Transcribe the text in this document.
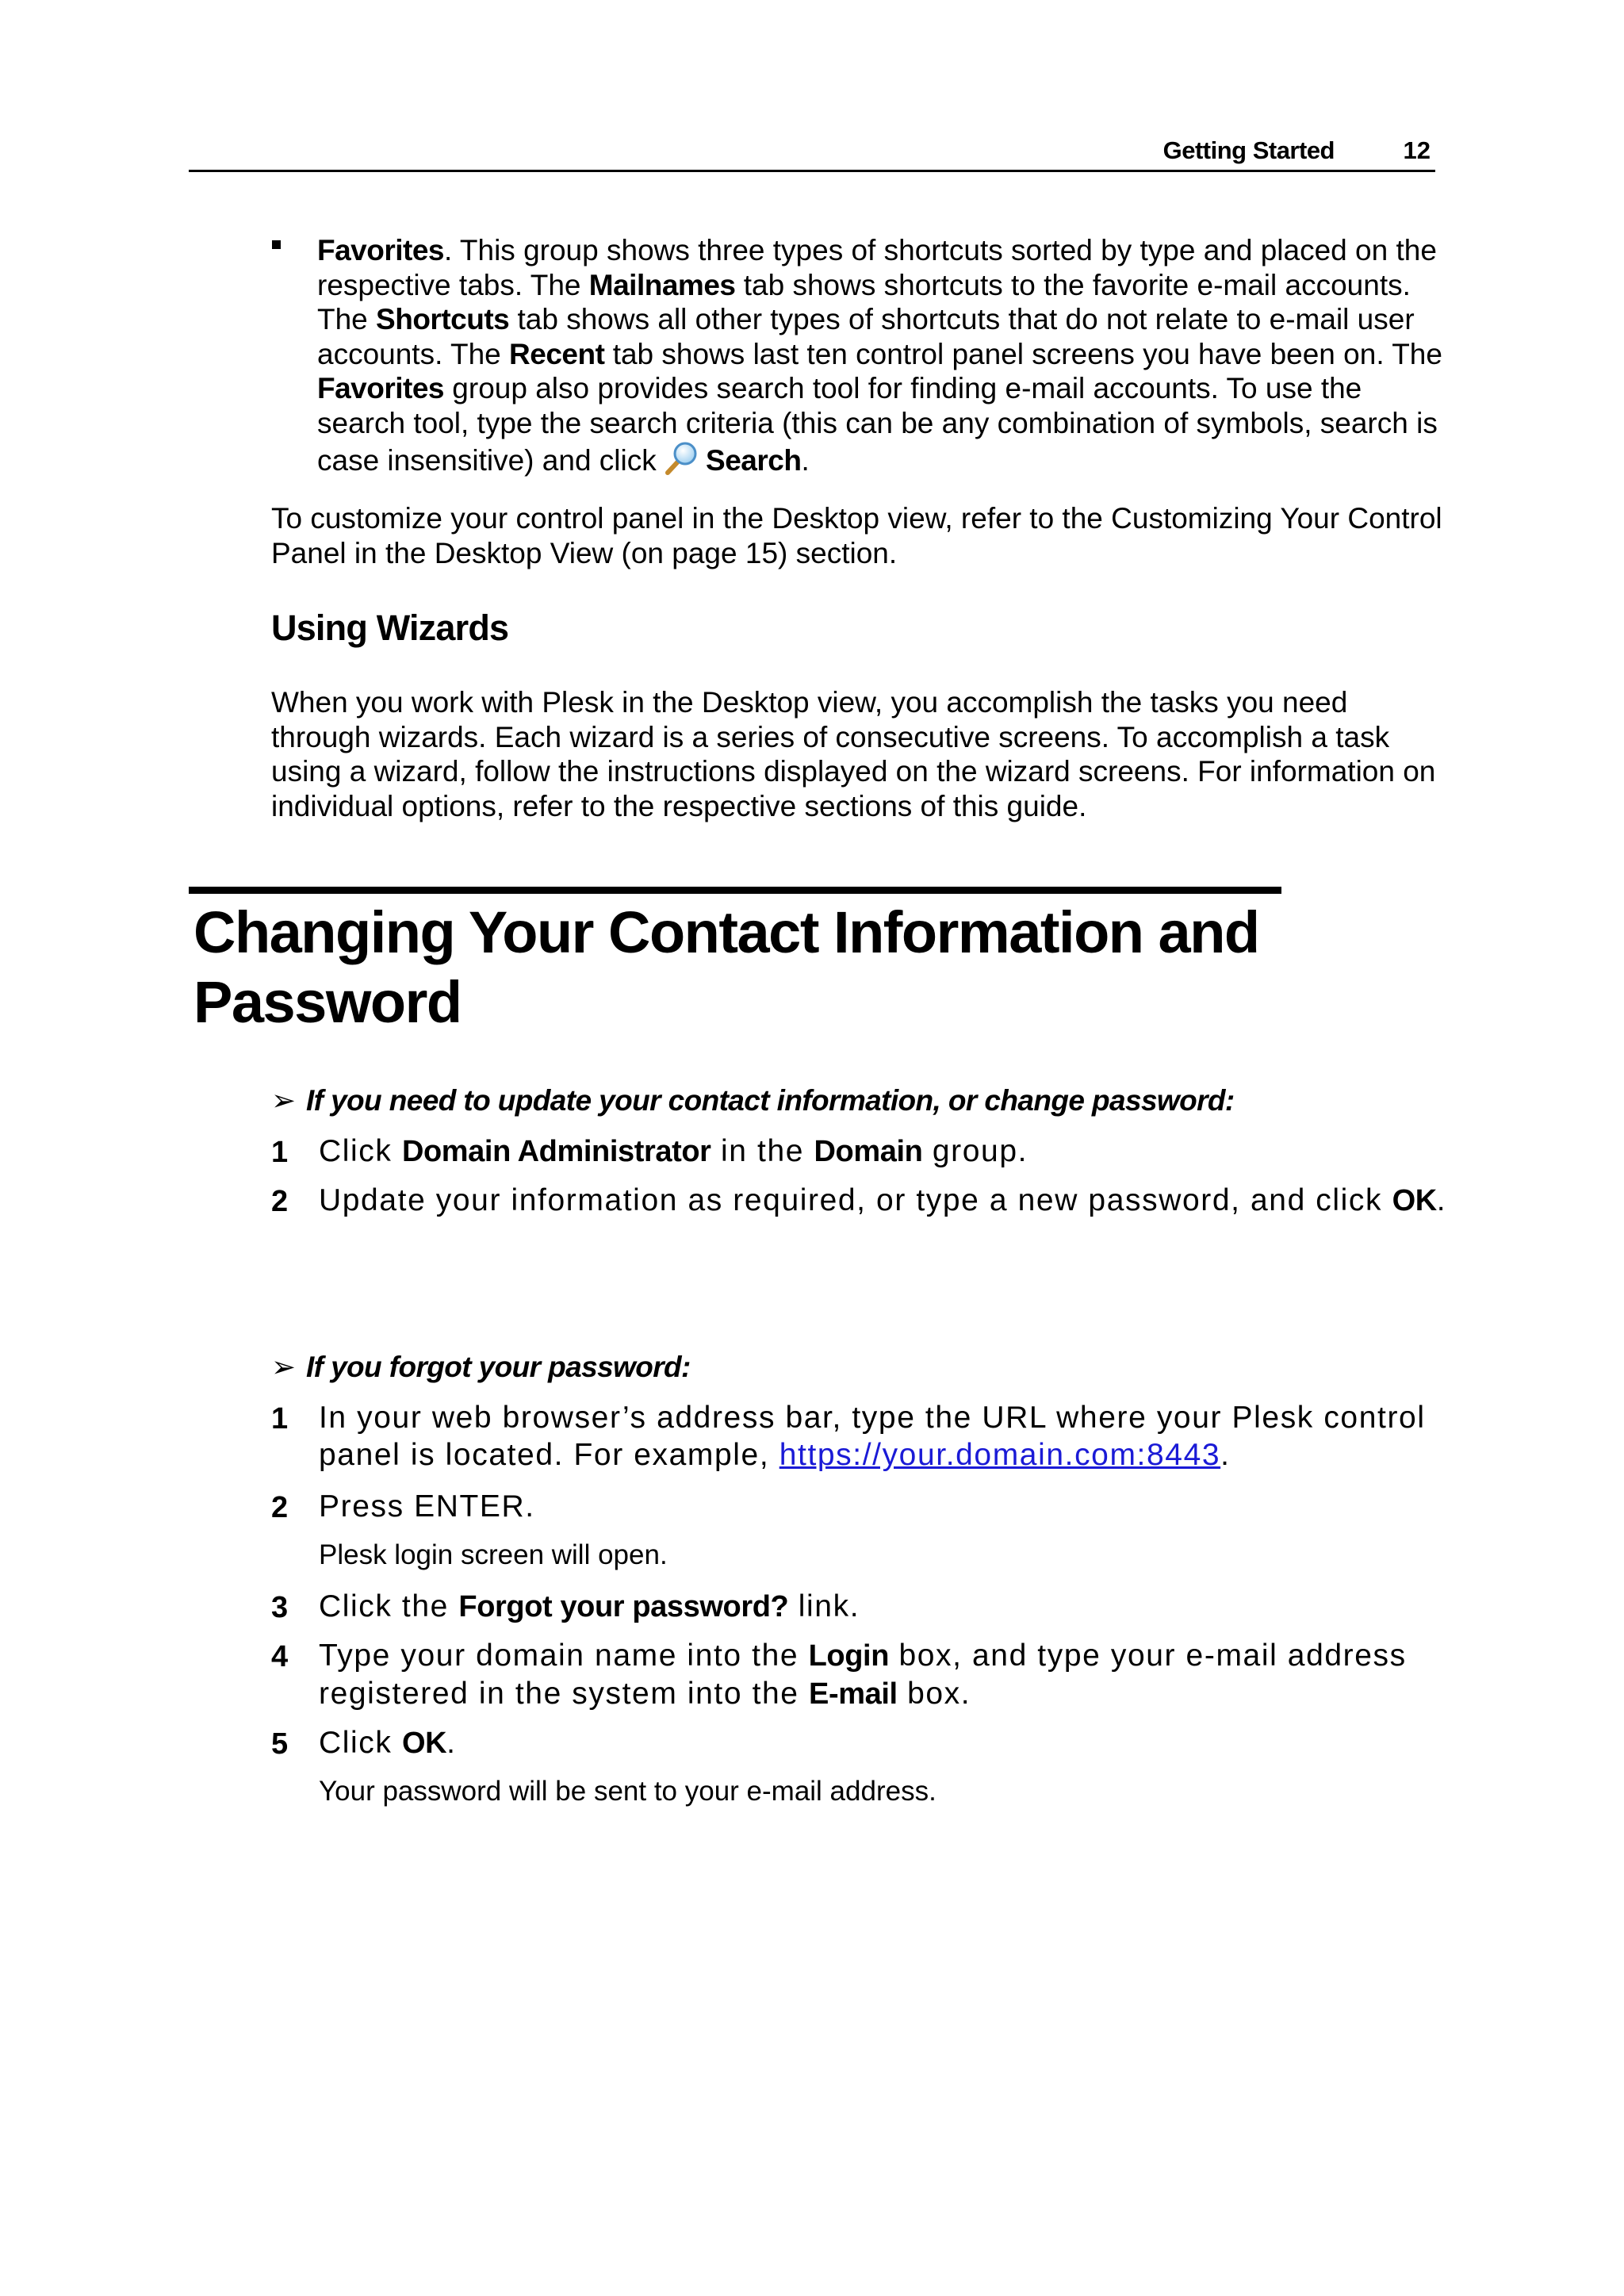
Getting Started	12
Favorites. This group shows three types of shortcuts sorted by type and placed on the respective tabs. The Mailnames tab shows shortcuts to the favorite e-mail accounts. The Shortcuts tab shows all other types of shortcuts that do not relate to e-mail user accounts. The Recent tab shows last ten control panel screens you have been on. The Favorites group also provides search tool for finding e-mail accounts. To use the search tool, type the search criteria (this can be any combination of symbols, search is case insensitive) and click Search.
To customize your control panel in the Desktop view, refer to the Customizing Your Control Panel in the Desktop View (on page 15) section.
Using Wizards
When you work with Plesk in the Desktop view, you accomplish the tasks you need through wizards. Each wizard is a series of consecutive screens. To accomplish a task using a wizard, follow the instructions displayed on the wizard screens. For information on individual options, refer to the respective sections of this guide.
Changing Your Contact Information and
Password
➢ If you need to update your contact information, or change password:
1 Click Domain Administrator in the Domain group.
2 Update your information as required, or type a new password, and click OK.
➢ If you forgot your password:
1 In your web browser’s address bar, type the URL where your Plesk control panel is located. For example, https://your.domain.com:8443.
2 Press ENTER.
Plesk login screen will open.
3 Click the Forgot your password? link.
4 Type your domain name into the Login box, and type your e-mail address registered in the system into the E-mail box.
5 Click OK.
Your password will be sent to your e-mail address.
